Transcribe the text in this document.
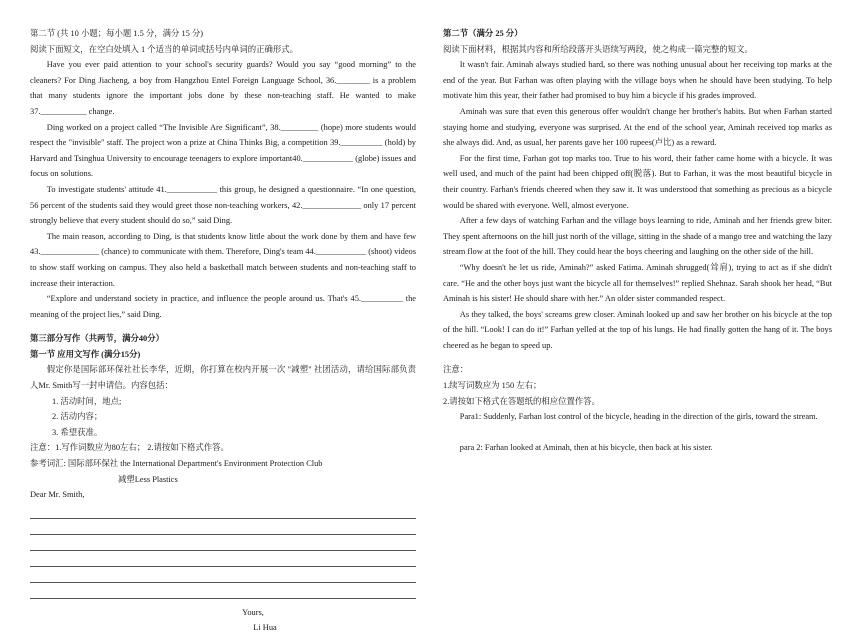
第二节 (共 10 小题；每小题 1.5 分，满分 15 分)

阅读下面短文，在空白处填入 1 个适当的单词或括号内单词的正确形式。

Have you ever paid attention to your school's security guards? Would you say “good morning” to the cleaners? For Ding Jiacheng, a boy from Hangzhou Entel Foreign Language School, 36.________ is a problem that many students ignore the important jobs done by these non-teaching staff. He wanted to make 37.___________ change.

Ding worked on a project called “The Invisible Are Significant”, 38._________ (hope) more students would respect the "invisible" staff. The project won a prize at China Thinks Big, a competition 39.__________ (hold) by Harvard and Tsinghua University to encourage teenagers to explore important40.____________ (globe) issues and focus on solutions.

To investigate students' attitude 41.____________ this group, he designed a questionnaire. “In one question, 56 percent of the students said they would greet those non-teaching workers, 42.______________ only 17 percent strongly believe that every student should do so,” said Ding.

The main reason, according to Ding, is that students know little about the work done by them and have few 43.______________ (chance) to communicate with them. Therefore, Ding's team 44.____________ (shoot) videos to show staff working on campus. They also held a basketball match between students and non-teaching staff to increase their interaction.

“Explore and understand society in practice, and influence the people around us. That's 45.__________ the meaning of the project lies,” said Ding.

第三部分写作（共两节，满分40分）

第一节 应用文写作 (满分15分)

假定你是国际部环保社社长李华，近期，你打算在校内开展一次 "减塑" 社团活动，请给国际部负责人Mr. Smith写一封申请信。内容包括：

1. 活动时间，地点;

2. 活动内容；

3. 希望获准。

注意：1.写作词数应为80左右； 2.请按如下格式作答。

参考词汇: 国际部环保社 the International Department's Environment Protection Club

减塑Less Plastics

Dear Mr. Smith,

Yours,

Li Hua

第二节（满分 25 分）

阅读下面材料，根据其内容和所给段落开头语续写两段，使之构成一篇完整的短文。

It wasn't fair. Aminah always studied hard, so there was nothing unusual about her receiving top marks at the end of the year. But Farhan was often playing with the village boys when he should have been studying. To help motivate him this year, their father had promised to buy him a bicycle if his grades improved.

Aminah was sure that even this generous offer wouldn't change her brother's habits. But when Farhan started staying home and studying, everyone was surprised. At the end of the school year, Aminah received top marks as she always did. And, as usual, her parents gave her 100 rupees(卢比) as a reward.

For the first time, Farhan got top marks too. True to his word, their father came home with a bicycle. It was well used, and much of the paint had been chipped off(脱落). But to Farhan, it was the most beautiful bicycle in their country. Farhan's friends cheered when they saw it. It was understood that something as precious as a bicycle would be shared with everyone. Well, almost everyone.

After a few days of watching Farhan and the village boys learning to ride, Aminah and her friends grew biter. They spent afternoons on the hill just north of the village, sitting in the shade of a mango tree and watching the lazy stream flow at the foot of the hill. They could hear the boys cheering and laughing on the other side of the hill.

“Why doesn't he let us ride, Aminah?” asked Fatima. Aminah shrugged(耸肩), trying to act as if she didn't care. “He and the other boys just want the bicycle all for themselves!” replied Shehnaz. Sarah shook her head, “But Aminah is his sister! He should share with her.” An older sister commanded respect.

As they talked, the boys' screams grew closer. Aminah looked up and saw her brother on his bicycle at the top of the hill. “Look! I can do it!” Farhan yelled at the top of his lungs. He had finally gotten the hang of it. The boys cheered as he began to speed up.

注意：

1.续写词数应为 150 左右；

2.请按如下格式在答题纸的相应位置作答。

Para1: Suddenly, Farhan lost control of the bicycle, heading in the direction of the girls, toward the stream.

para 2: Farhan looked at Aminah, then at his bicycle, then back at his sister.
